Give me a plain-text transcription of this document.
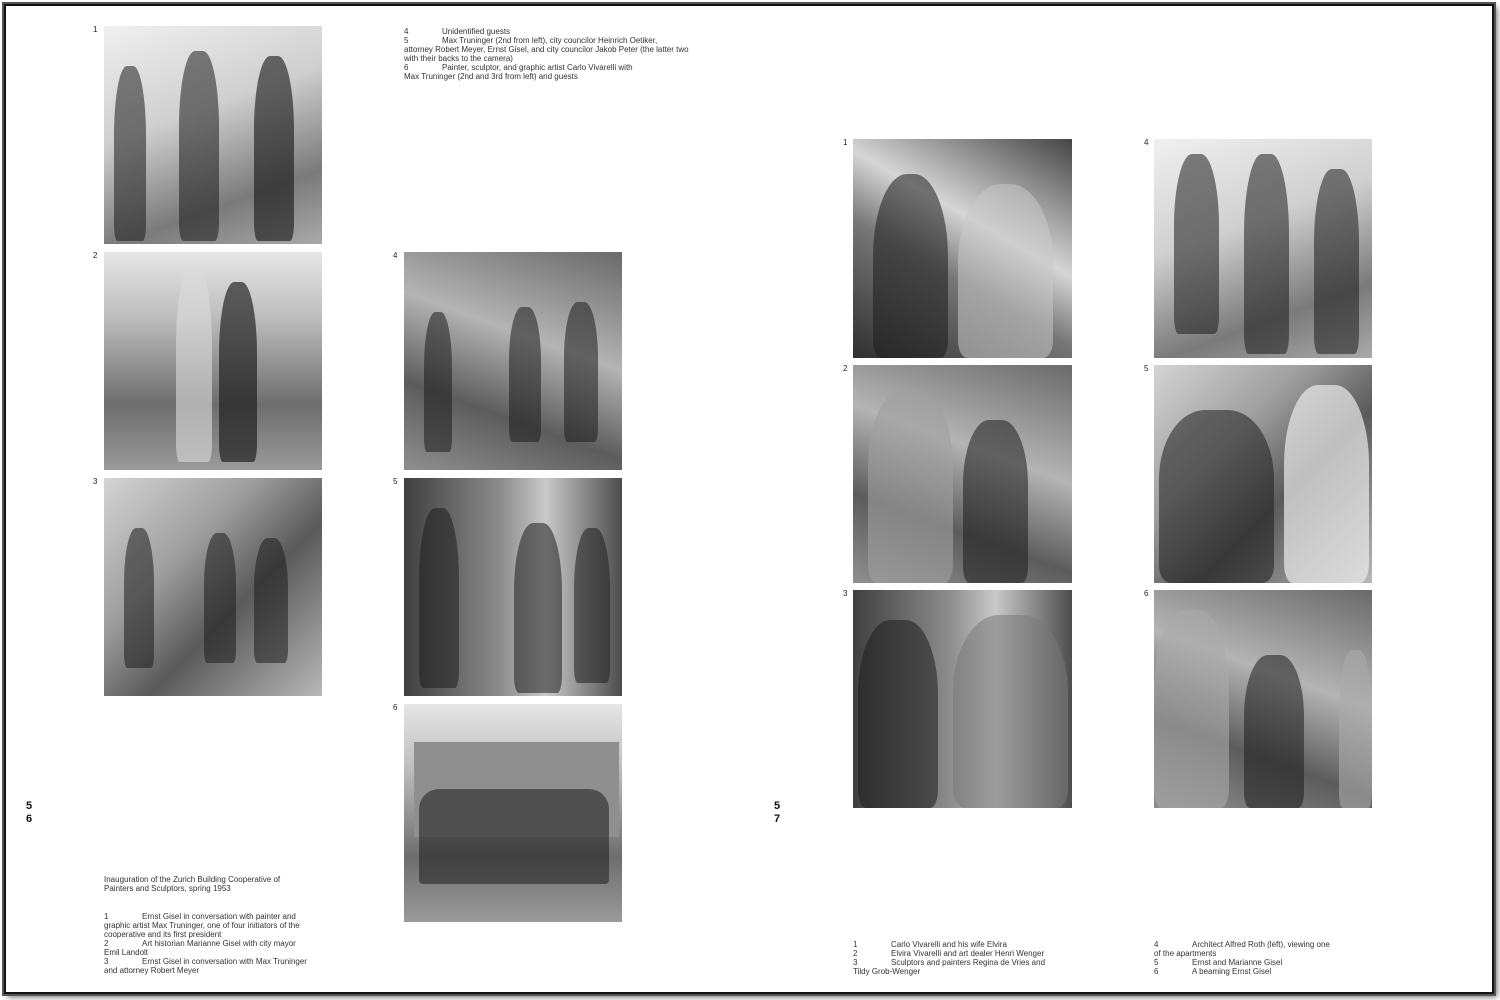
1
2
3
4
5
6
4	Unidentified guests
5	Max Truninger (2nd from left), city councilor Heinrich Oetiker,
attorney Robert Meyer, Ernst Gisel, and city councilor Jakob Peter (the latter two with their backs to the camera)
6	Painter, sculptor, and graphic artist Carlo Vivarelli with
Max Truninger (2nd and 3rd from left) and guests
5
6
Inauguration of the Zurich Building Cooperative of Painters and Sculptors, spring 1953
1	Ernst Gisel in conversation with painter and
graphic artist Max Truninger, one of four initiators of the cooperative and its first president
2	Art historian Marianne Gisel with city mayor
Emil Landolt
3	Ernst Gisel in conversation with Max Truninger
and attorney Robert Meyer
5
7
1
2
3
4
5
6
1	Carlo Vivarelli and his wife Elvira
2	Elvira Vivarelli and art dealer Henri Wenger
3	Sculptors and painters Regina de Vries and
Tildy Grob-Wenger
4	Architect Alfred Roth (left), viewing one
of the apartments
5	Ernst and Marianne Gisel
6	A beaming Ernst Gisel
